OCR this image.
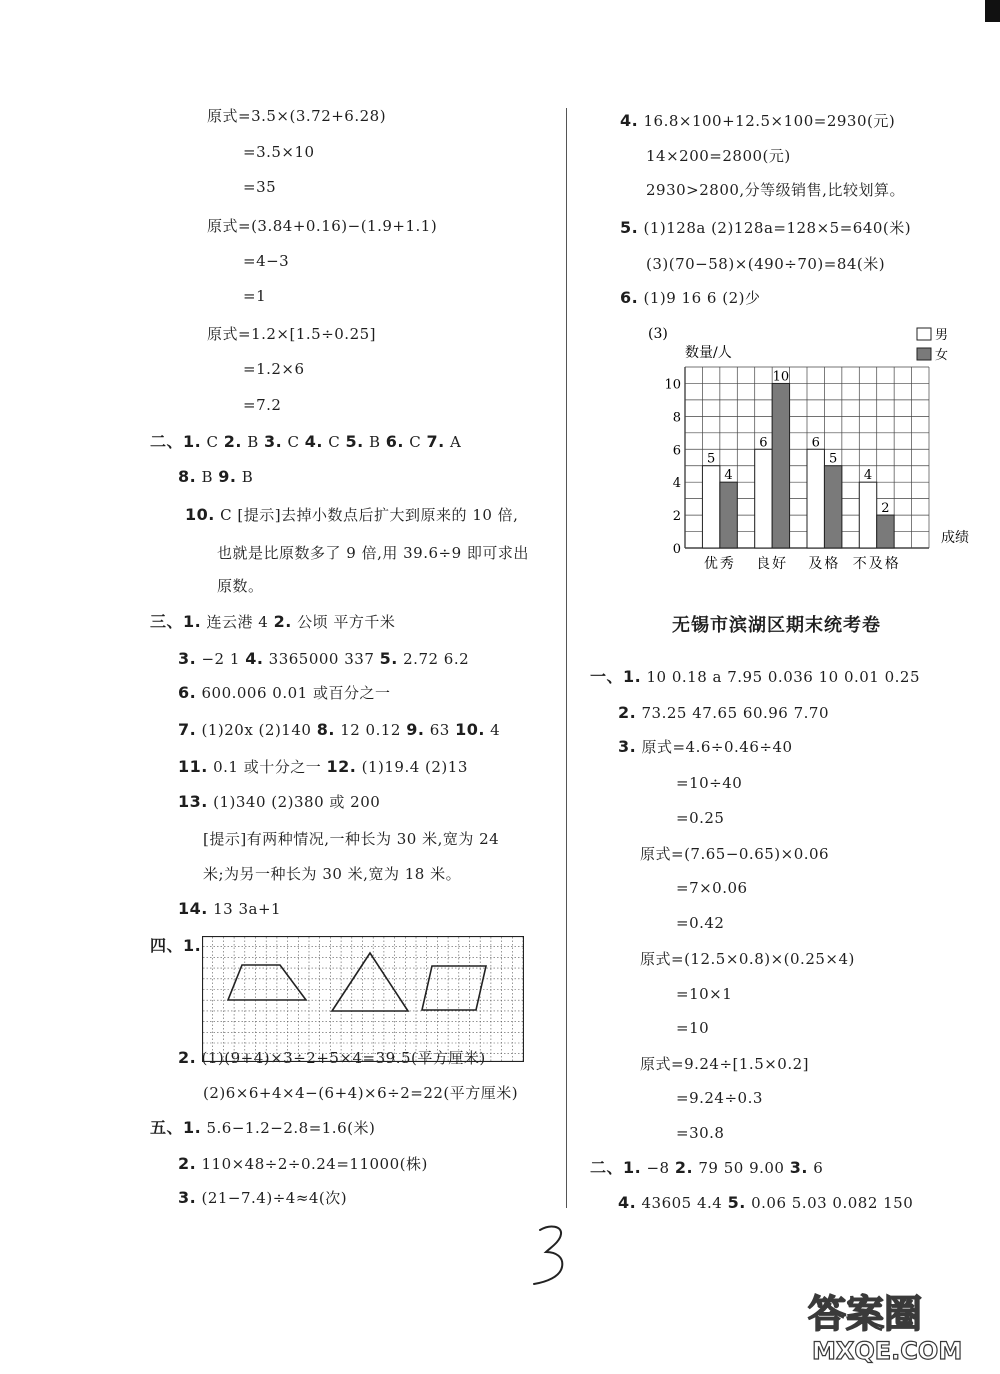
原式=3.5×(3.72+6.28)
=3.5×10
=35
原式=(3.84+0.16)−(1.9+1.1)
=4−3
=1
原式=1.2×[1.5÷0.25]
=1.2×6
=7.2
二、1. C 2. B 3. C 4. C 5. B 6. C 7. A
8. B 9. B
10. C [提示]去掉小数点后扩大到原来的 10 倍,
也就是比原数多了 9 倍,用 39.6÷9 即可求出
原数。
三、1. 连云港 4 2. 公顷 平方千米
3. −2 1 4. 3365000 337 5. 2.72 6.2
6. 600.006 0.01 或百分之一
7. (1)20x (2)140 8. 12 0.12 9. 63 10. 4
11. 0.1 或十分之一 12. (1)19.4 (2)13
13. (1)340 (2)380 或 200
[提示]有两种情况,一种长为 30 米,宽为 24
米;为另一种长为 30 米,宽为 18 米。
14. 13 3a+1
四、1.
2. (1)(9+4)×3÷2+5×4=39.5(平方厘米)
(2)6×6+4×4−(6+4)×6÷2=22(平方厘米)
五、1. 5.6−1.2−2.8=1.6(米)
2. 110×48÷2÷0.24=11000(株)
3. (21−7.4)÷4≈4(次)
4. 16.8×100+12.5×100=2930(元)
14×200=2800(元)
2930>2800,分等级销售,比较划算。
5. (1)128a (2)128a=128×5=640(米)
(3)(70−58)×(490÷70)=84(米)
6. (1)9 16 6 (2)少
一、1. 10 0.18 a 7.95 0.036 10 0.01 0.25
2. 73.25 47.65 60.96 7.70
3. 原式=4.6÷0.46÷40
=10÷40
=0.25
原式=(7.65−0.65)×0.06
=7×0.06
=0.42
原式=(12.5×0.8)×(0.25×4)
=10×1
=10
原式=9.24÷[1.5×0.2]
=9.24÷0.3
=30.8
二、1. −8 2. 79 50 9.00 3. 6
4. 43605 4.4 5. 0.06 5.03 0.082 150
无锡市滨湖区期末统考卷
(3)
数量/人
0
2
4
6
8
10
5
4
6
10
6
5
4
2
优秀 良好 及格 不及格
成绩
男
女
答案圈
MXQE.COM
